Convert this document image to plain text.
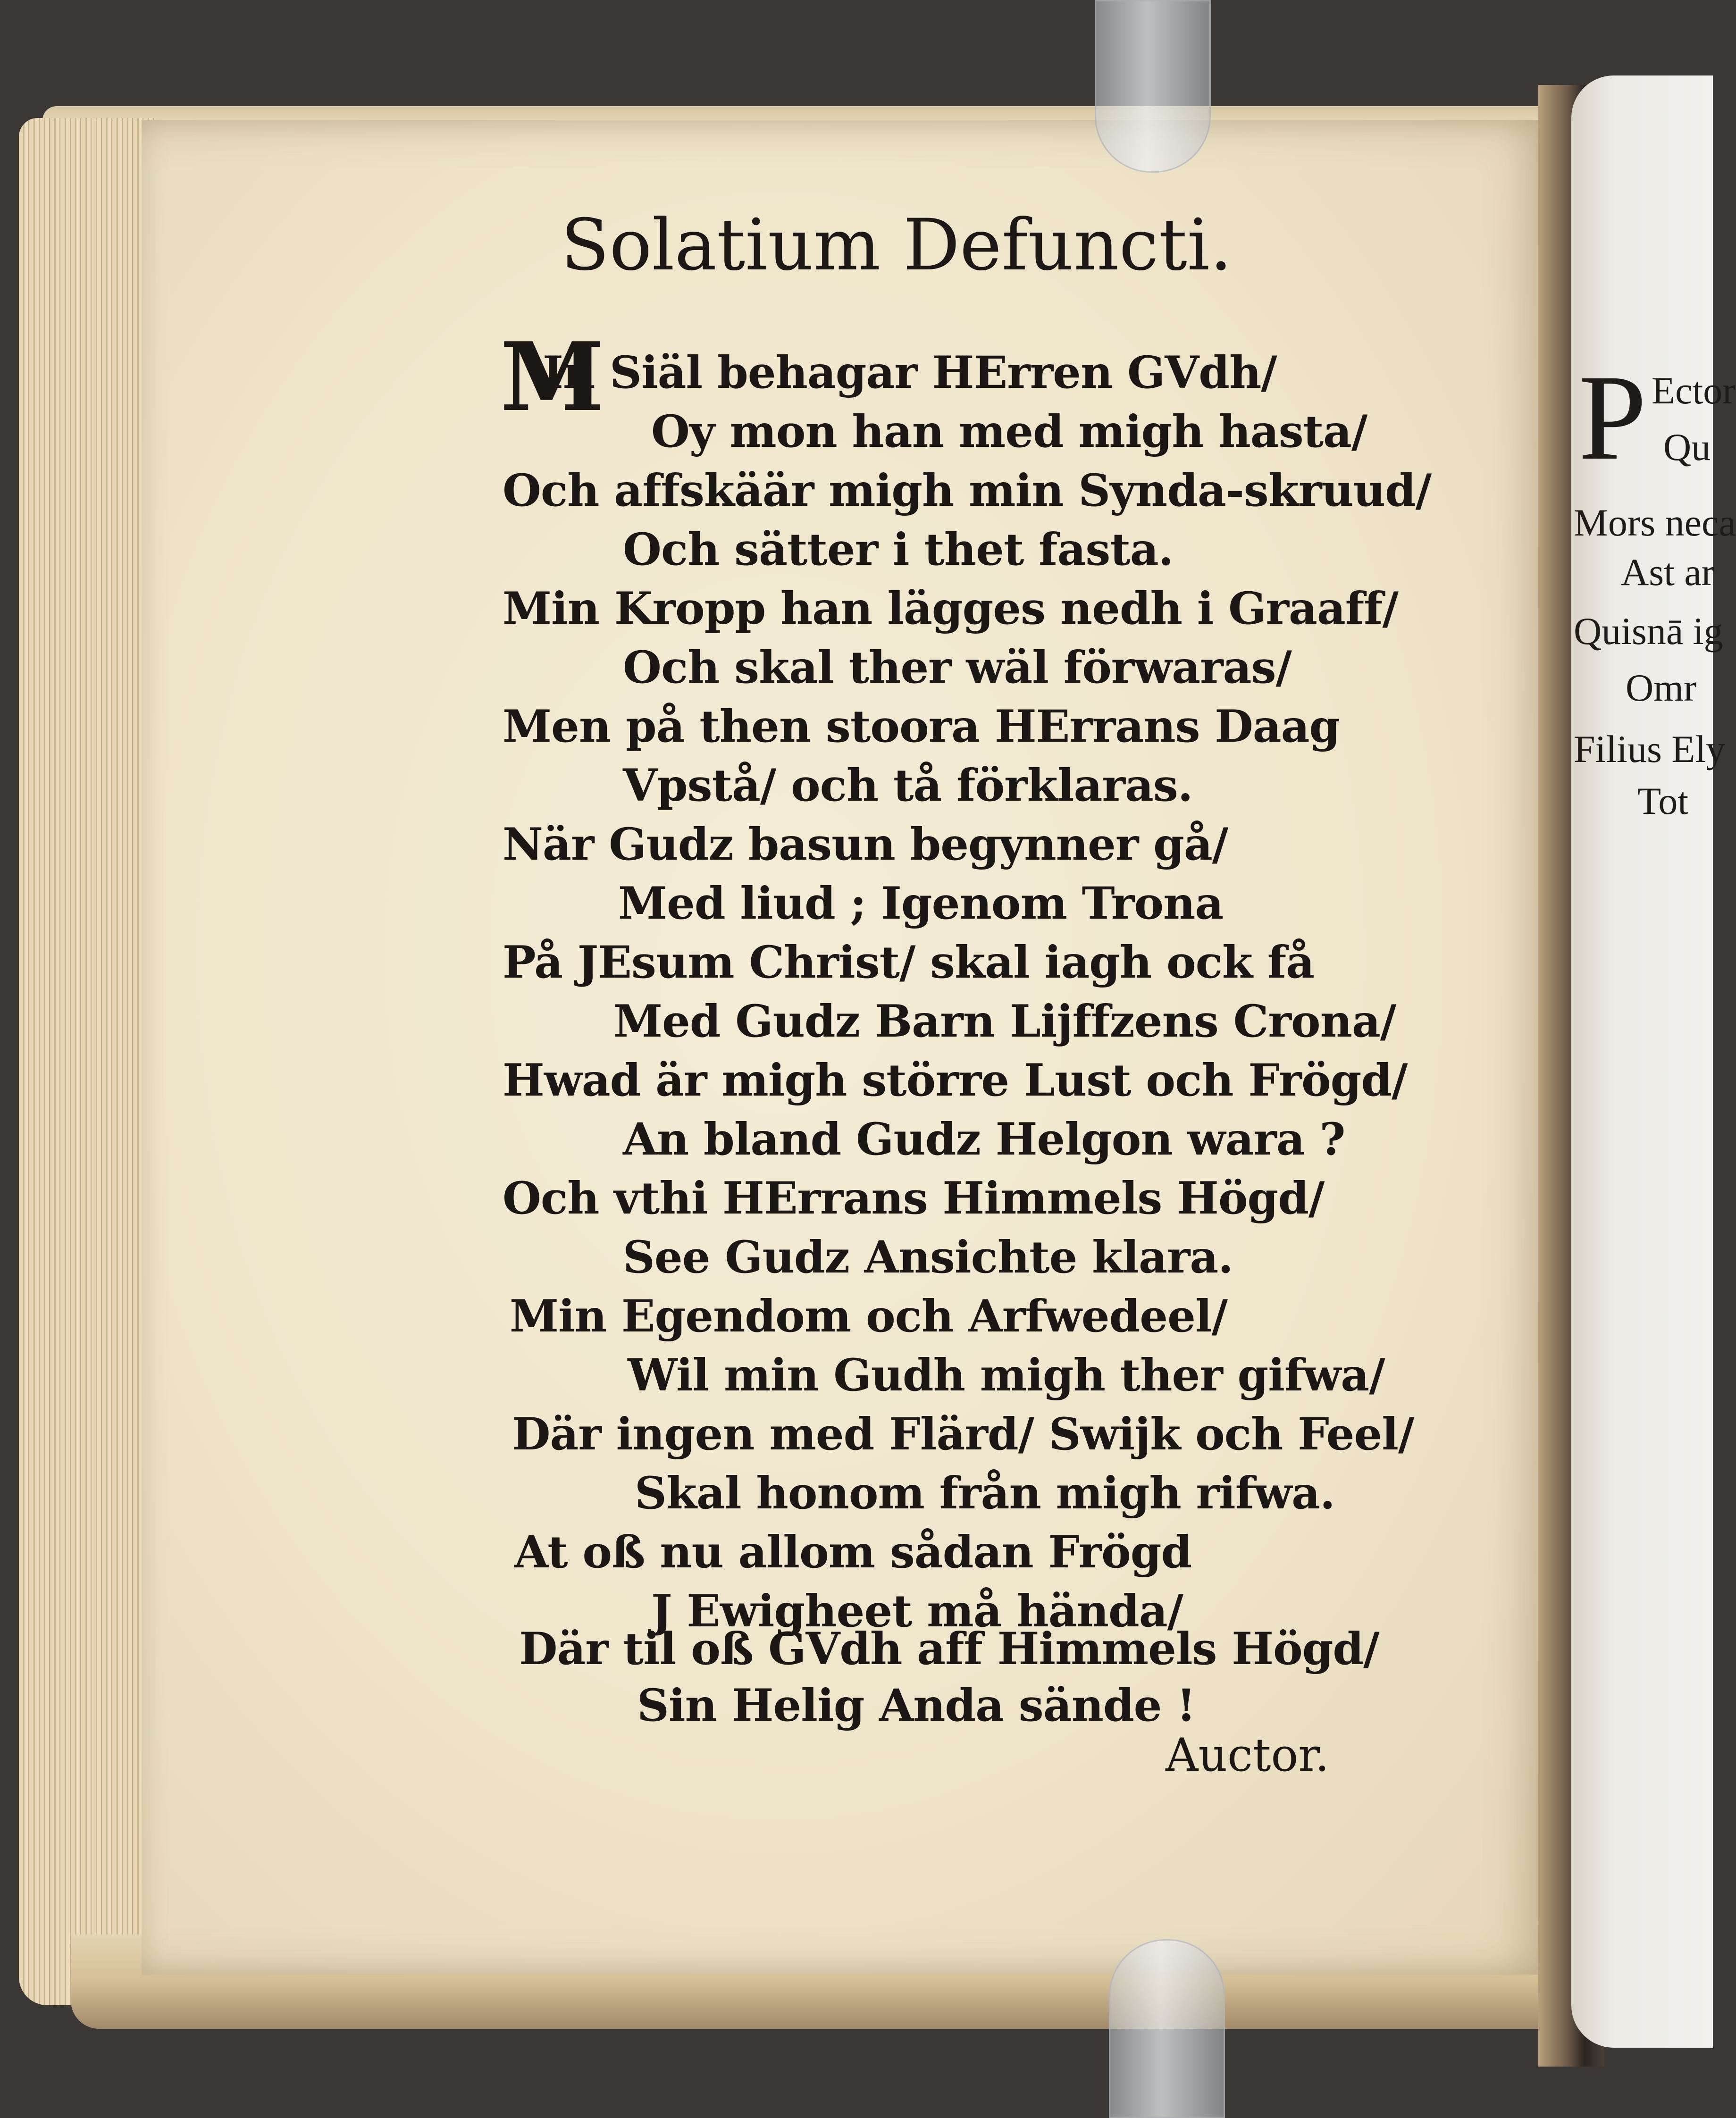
Solatium Defuncti.
M
In Siäl behagar HErren GVdh/
Oy mon han med migh hasta/
Och affskäär migh min Synda-skruud/
Och sätter i thet fasta.
Min Kropp han lägges nedh i Graaff/
Och skal ther wäl förwaras/
Men på then stoora HErrans Daag
Vpstå/ och tå förklaras.
När Gudz basun begynner gå/
Med liud ; Igenom Trona
På JEsum Christ/ skal iagh ock få
Med Gudz Barn Lijffzens Crona/
Hwad är migh större Lust och Frögd/
An bland Gudz Helgon wara ?
Och vthi HErrans Himmels Högd/
See Gudz Ansichte klara.
Min Egendom och Arfwedeel/
Wil min Gudh migh ther gifwa/
Där ingen med Flärd/ Swijk och Feel/
Skal honom från migh rifwa.
At oß nu allom sådan Frögd
J Ewigheet må hända/
Där til oß GVdh aff Himmels Högd/
Sin Helig Anda sände !
Auctor.
P Ector
Qu
Mors neca
Ast ar
Quisnā ig
Omr
Filius Ely
Tot
